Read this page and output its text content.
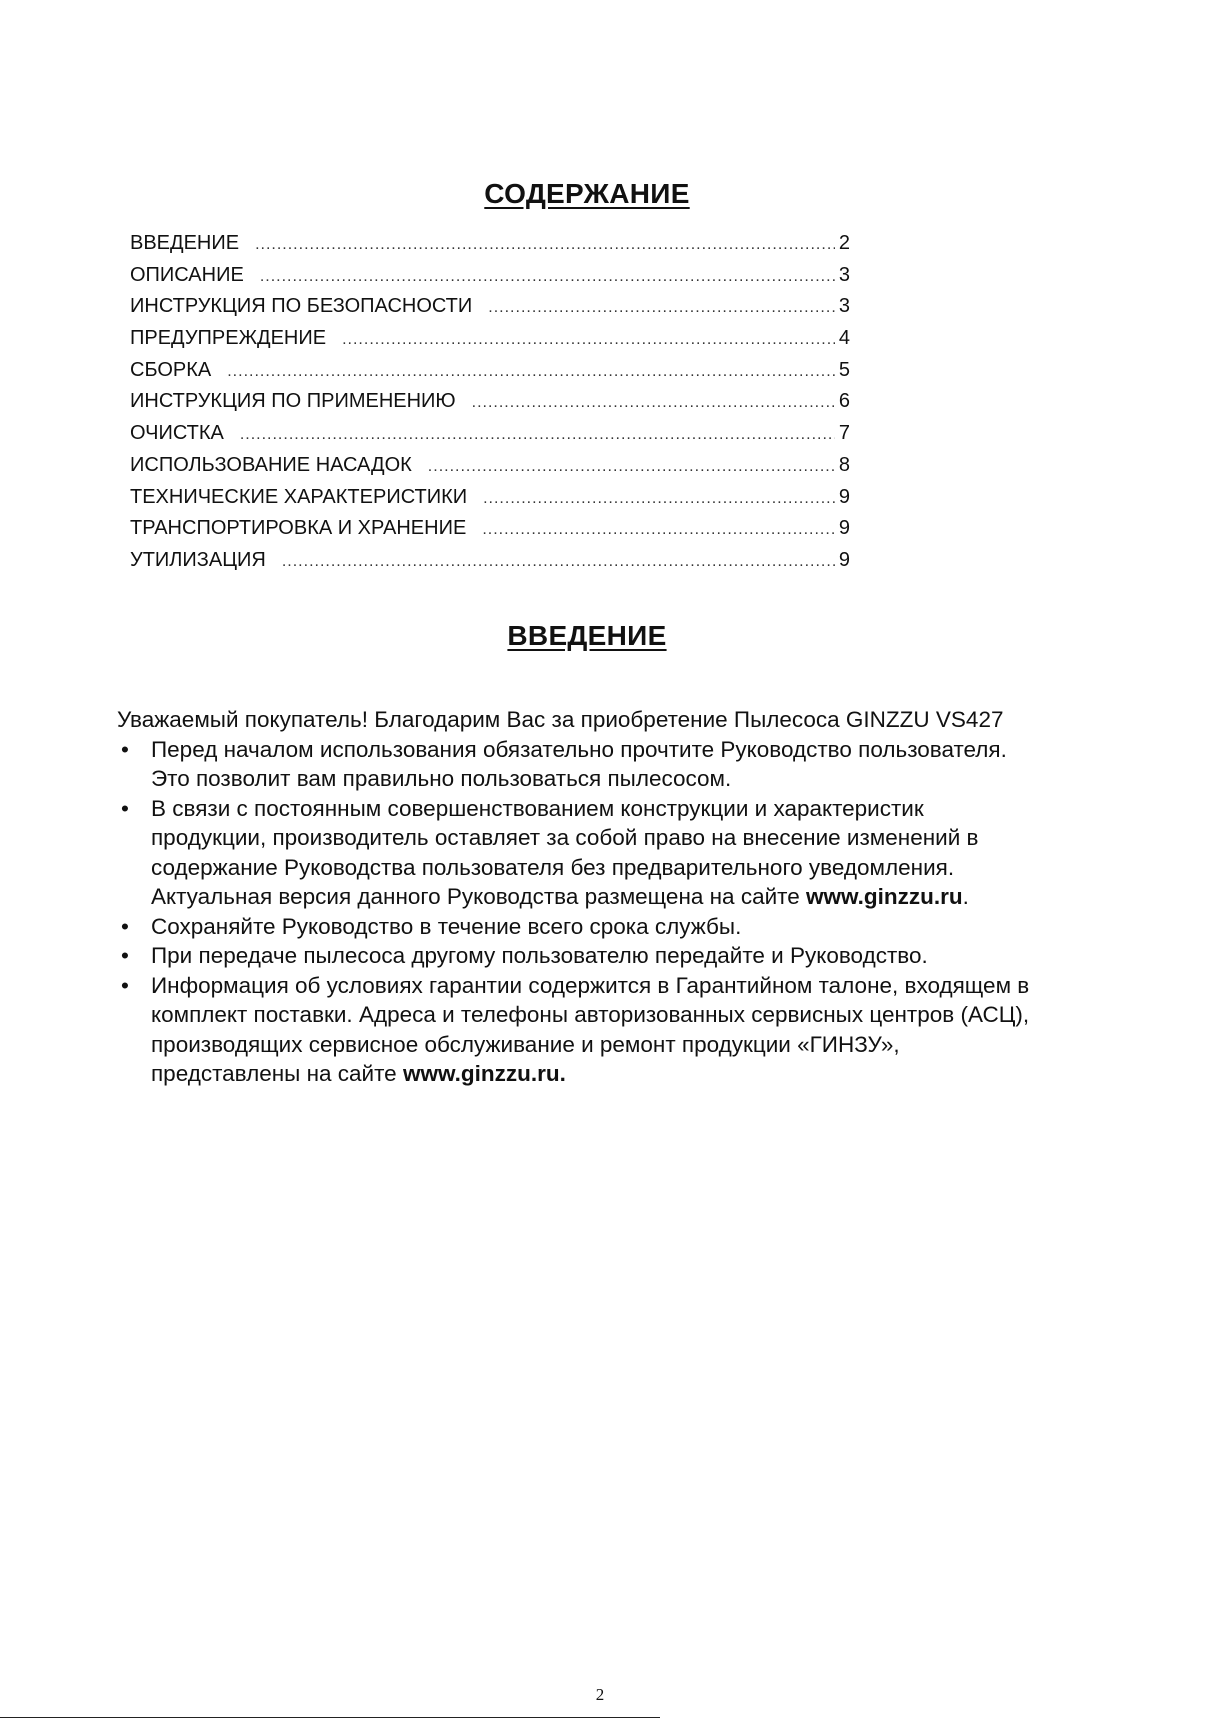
СОДЕРЖАНИЕ
ВВЕДЕНИЕ .....	2
ОПИСАНИЕ .....	3
ИНСТРУКЦИЯ ПО БЕЗОПАСНОСТИ .....	3
ПРЕДУПРЕЖДЕНИЕ .....	4
СБОРКА .....	5
ИНСТРУКЦИЯ ПО ПРИМЕНЕНИЮ .....	6
ОЧИСТКА .....	7
ИСПОЛЬЗОВАНИЕ НАСАДОК .....	8
ТЕХНИЧЕСКИЕ ХАРАКТЕРИСТИКИ .....	9
ТРАНСПОРТИРОВКА И ХРАНЕНИЕ .....	9
УТИЛИЗАЦИЯ .....	9
ВВЕДЕНИЕ

Уважаемый покупатель! Благодарим Вас за приобретение Пылесоса GINZZU VS427

• Перед началом использования обязательно прочтите Руководство пользователя.
Это позволит вам правильно пользоваться пылесосом.
• В связи с постоянным совершенствованием конструкции и характеристик
продукции, производитель оставляет за собой право на внесение изменений в
содержание Руководства пользователя без предварительного уведомления.
Актуальная версия данного Руководства размещена на сайте www.ginzzu.ru.
• Сохраняйте Руководство в течение всего срока службы.
• При передаче пылесоса другому пользователю передайте и Руководство.
• Информация об условиях гарантии содержится в Гарантийном талоне, входящем в
комплект поставки. Адреса и телефоны авторизованных сервисных центров (АСЦ),
производящих сервисное обслуживание и ремонт продукции «ГИНЗУ»,
представлены на сайте www.ginzzu.ru.
2
